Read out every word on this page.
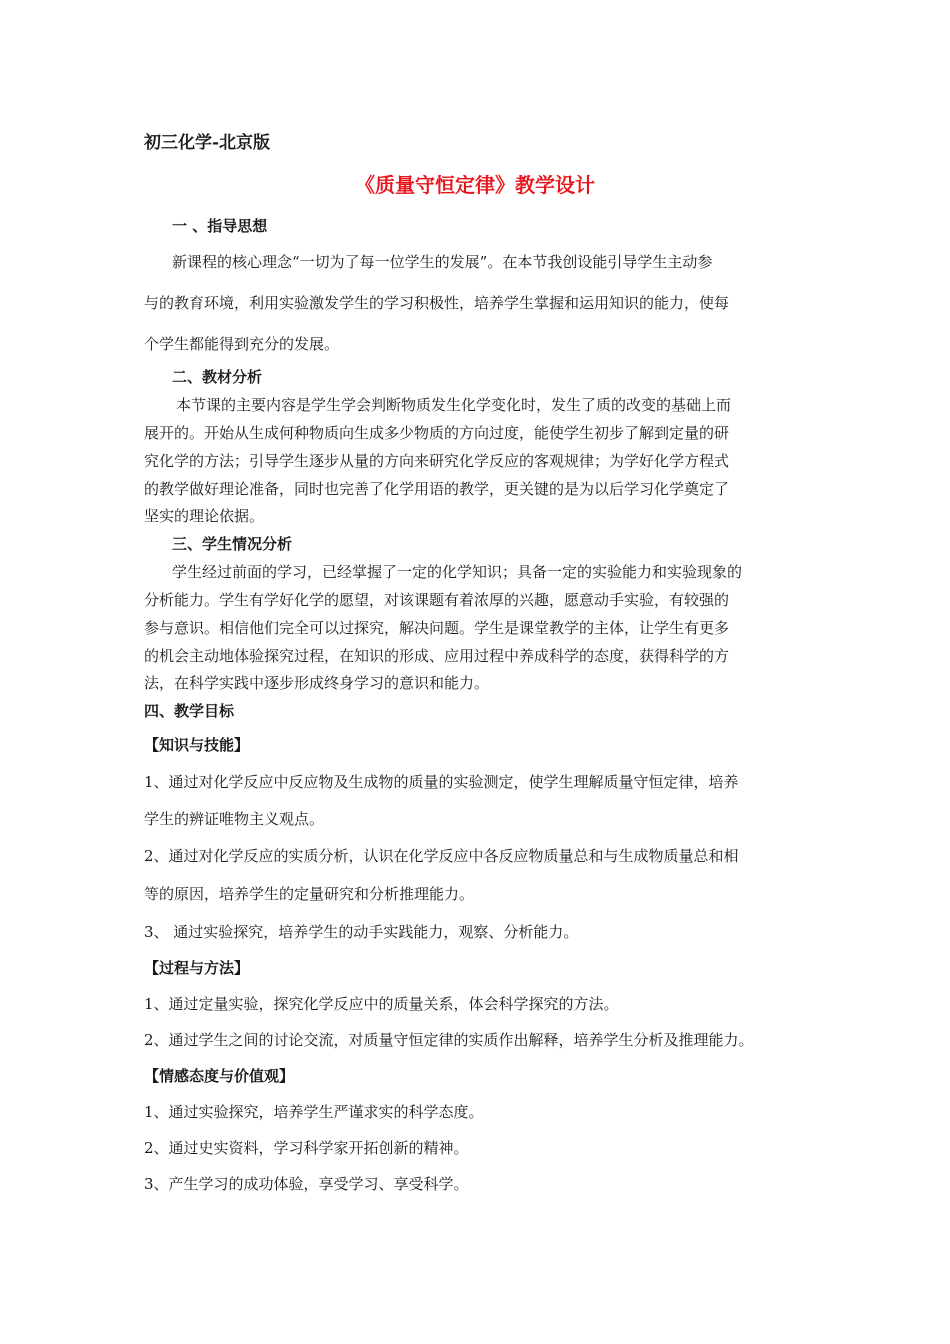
初三化学-北京版
《质量守恒定律》教学设计
一 、指导思想
新课程的核心理念“一切为了每一位学生的发展”。在本节我创设能引导学生主动参
与的教育环境，利用实验激发学生的学习积极性，培养学生掌握和运用知识的能力，使每
个学生都能得到充分的发展。
二、教材分析
本节课的主要内容是学生学会判断物质发生化学变化时，发生了质的改变的基础上而
展开的。开始从生成何种物质向生成多少物质的方向过度，能使学生初步了解到定量的研
究化学的方法；引导学生逐步从量的方向来研究化学反应的客观规律；为学好化学方程式
的教学做好理论准备，同时也完善了化学用语的教学，更关键的是为以后学习化学奠定了
坚实的理论依据。
三、学生情况分析
学生经过前面的学习，已经掌握了一定的化学知识；具备一定的实验能力和实验现象的
分析能力。学生有学好化学的愿望，对该课题有着浓厚的兴趣，愿意动手实验，有较强的
参与意识。相信他们完全可以过探究，解决问题。学生是课堂教学的主体，让学生有更多
的机会主动地体验探究过程，在知识的形成、应用过程中养成科学的态度，获得科学的方
法，在科学实践中逐步形成终身学习的意识和能力。
四、教学目标
【知识与技能】
1、通过对化学反应中反应物及生成物的质量的实验测定，使学生理解质量守恒定律，培养
学生的辨证唯物主义观点。
2、通过对化学反应的实质分析，认识在化学反应中各反应物质量总和与生成物质量总和相
等的原因，培养学生的定量研究和分析推理能力。
3、 通过实验探究，培养学生的动手实践能力，观察、分析能力。
【过程与方法】
1、通过定量实验，探究化学反应中的质量关系，体会科学探究的方法。
2、通过学生之间的讨论交流，对质量守恒定律的实质作出解释，培养学生分析及推理能力。
【情感态度与价值观】
1、通过实验探究，培养学生严谨求实的科学态度。
2、通过史实资料，学习科学家开拓创新的精神。
3、产生学习的成功体验，享受学习、享受科学。
